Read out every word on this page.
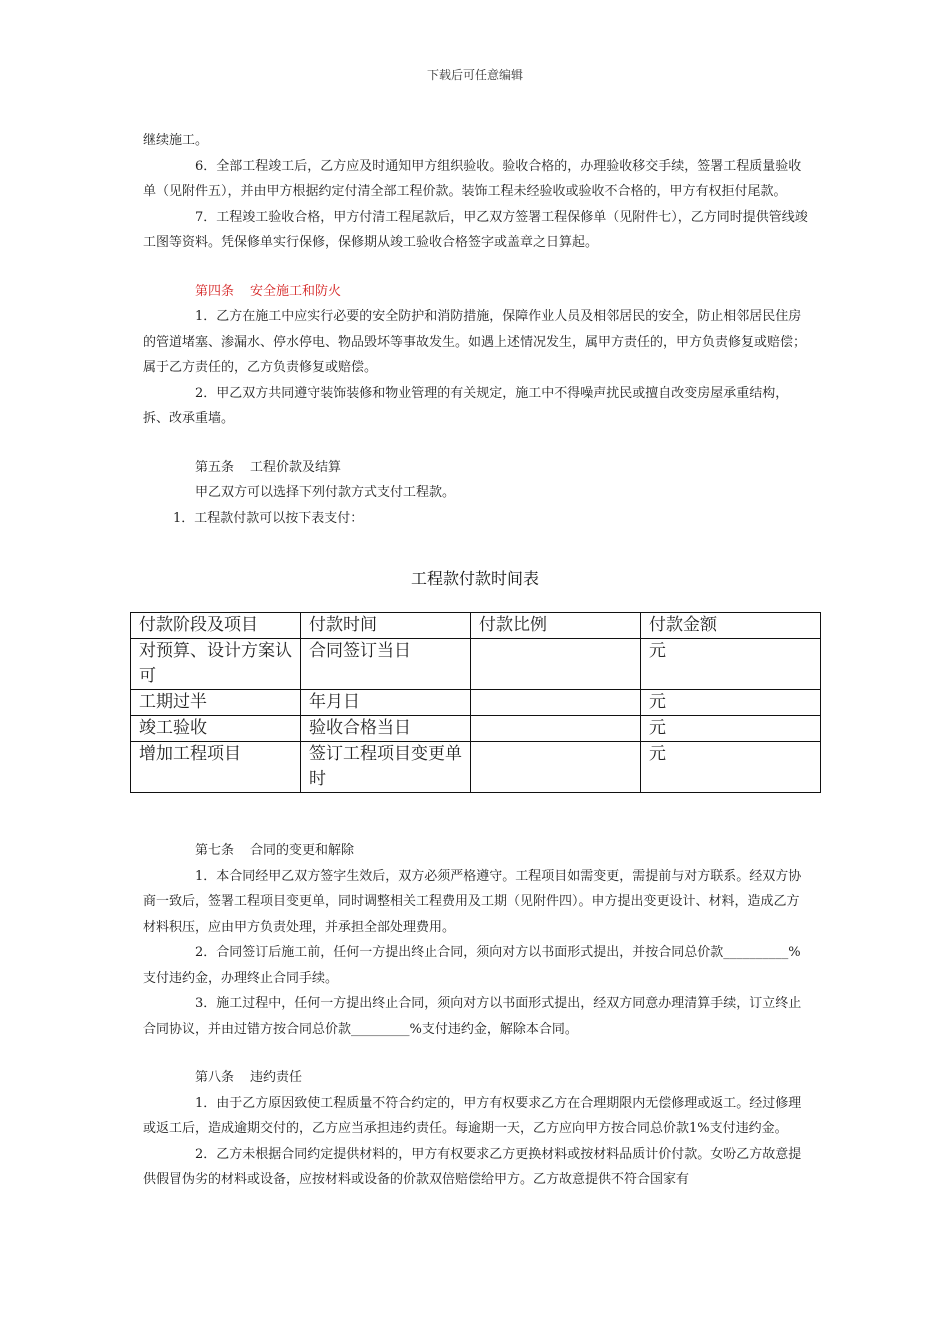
下载后可任意编辑

继续施工。

6．全部工程竣工后，乙方应及时通知甲方组织验收。验收合格的，办理验收移交手续，签署工程质量验收单（见附件五），并由甲方根据约定付清全部工程价款。装饰工程未经验收或验收不合格的，甲方有权拒付尾款。

7．工程竣工验收合格，甲方付清工程尾款后，甲乙双方签署工程保修单（见附件七），乙方同时提供管线竣工图等资料。凭保修单实行保修，保修期从竣工验收合格签字或盖章之日算起。

第四条 安全施工和防火

1．乙方在施工中应实行必要的安全防护和消防措施，保障作业人员及相邻居民的安全，防止相邻居民住房的管道堵塞、渗漏水、停水停电、物品毁坏等事故发生。如遇上述情况发生，属甲方责任的，甲方负责修复或赔偿；属于乙方责任的，乙方负责修复或赔偿。

2．甲乙双方共同遵守装饰装修和物业管理的有关规定，施工中不得噪声扰民或擅自改变房屋承重结构，拆、改承重墙。

第五条 工程价款及结算

甲乙双方可以选择下列付款方式支付工程款。

1．工程款付款可以按下表支付：

工程款付款时间表
付款阶段及项目	付款时间	付款比例	付款金额
对预算、设计方案认可	合同签订当日		元
工期过半	年月日		元
竣工验收	验收合格当日		元
增加工程项目	签订工程项目变更单时		元

第七条 合同的变更和解除

1．本合同经甲乙双方签字生效后，双方必须严格遵守。工程项目如需变更，需提前与对方联系。经双方协商一致后，签署工程项目变更单，同时调整相关工程费用及工期（见附件四）。申方提出变更设计、材料，造成乙方材料积压，应由甲方负责处理，并承担全部处理费用。

2．合同签订后施工前，任何一方提出终止合同，须向对方以书面形式提出，并按合同总价款__________%支付违约金，办理终止合同手续。

3．施工过程中，任何一方提出终止合同，须向对方以书面形式提出，经双方同意办理清算手续，订立终止合同协议，并由过错方按合同总价款_________%支付违约金，解除本合同。

第八条 违约责任

1．由于乙方原因致使工程质量不符合约定的，甲方有权要求乙方在合理期限内无偿修理或返工。经过修理或返工后，造成逾期交付的，乙方应当承担违约责任。每逾期一天，乙方应向甲方按合同总价款1%支付违约金。

2．乙方未根据合同约定提供材料的，甲方有权要求乙方更换材料或按材料品质计价付款。女吩乙方故意提供假冒伪劣的材料或设备，应按材料或设备的价款双倍赔偿给甲方。乙方故意提供不符合国家有
